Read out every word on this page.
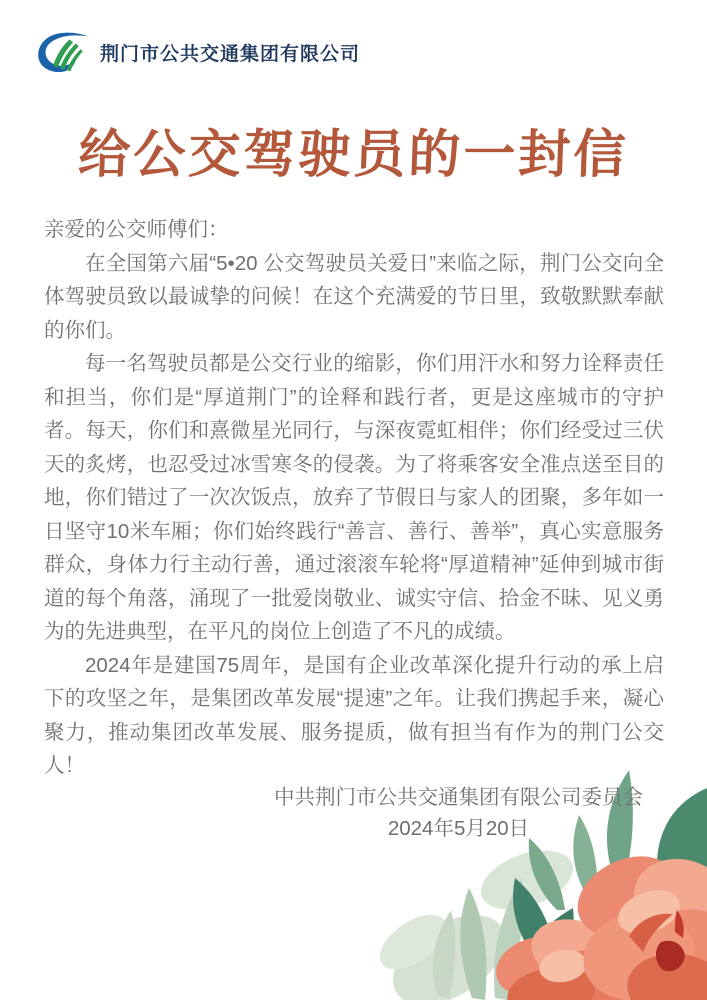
荆门市公共交通集团有限公司
给公交驾驶员的一封信

亲爱的公交师傅们：

在全国第六届“5•20 公交驾驶员关爱日”来临之际，荆门公交向全体驾驶员致以最诚挚的问候！在这个充满爱的节日里，致敬默默奉献的你们。

每一名驾驶员都是公交行业的缩影，你们用汗水和努力诠释责任和担当，你们是“厚道荆门”的诠释和践行者，更是这座城市的守护者。每天，你们和熹微星光同行，与深夜霓虹相伴；你们经受过三伏天的炙烤，也忍受过冰雪寒冬的侵袭。为了将乘客安全准点送至目的地，你们错过了一次次饭点，放弃了节假日与家人的团聚，多年如一日坚守10米车厢；你们始终践行“善言、善行、善举”，真心实意服务群众，身体力行主动行善，通过滚滚车轮将“厚道精神”延伸到城市街道的每个角落，涌现了一批爱岗敬业、诚实守信、拾金不昧、见义勇为的先进典型，在平凡的岗位上创造了不凡的成绩。

2024年是建国75周年，是国有企业改革深化提升行动的承上启下的攻坚之年，是集团改革发展“提速”之年。让我们携起手来，凝心聚力，推动集团改革发展、服务提质，做有担当有作为的荆门公交人！

中共荆门市公共交通集团有限公司委员会
2024年5月20日
